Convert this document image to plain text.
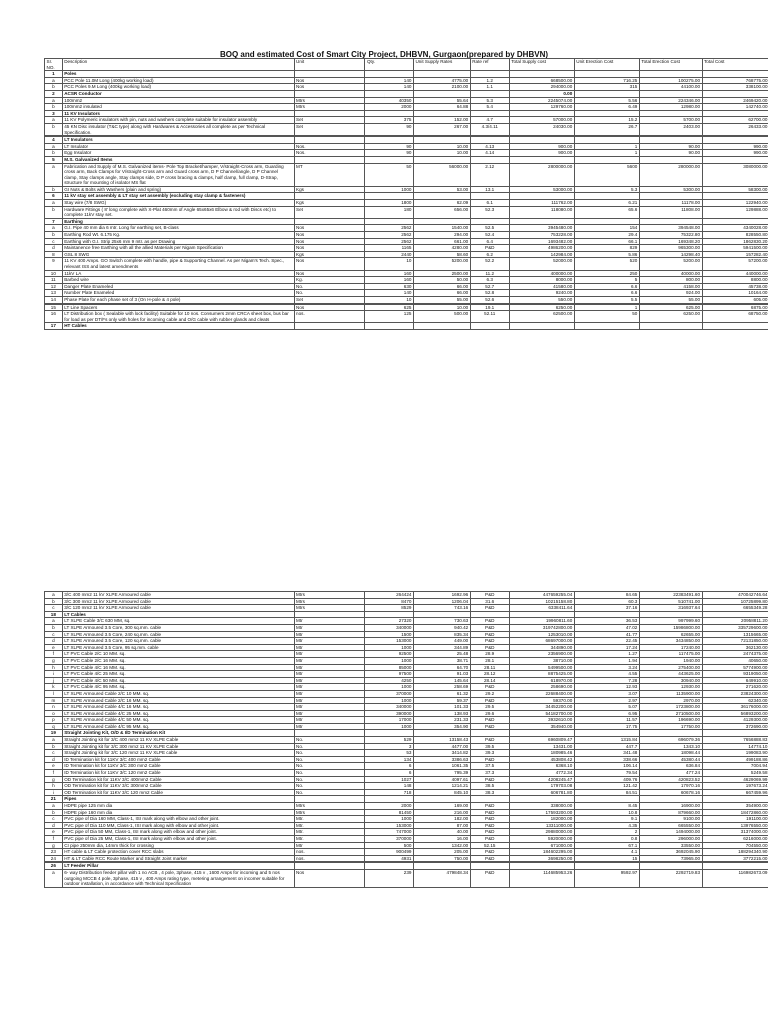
BOQ and estimated Cost of Smart City Project, DHBVN, Gurgaon(prepared by DHBVN)
Sr. NO.	Description	Unit	Qty.	Unit Supply Rates	Rate ref	Total Supply cost	Unit Erection Cost	Total Erection Cost	Total Cost
1	Poles								
a	PCC Pole 11.0M Long (400kg working load)	Nos	140	4775.00	1.2	668500.00	716.25	100275.00	768775.00
b	PCC Poles 9.M Long (400kg working load)	Nos	140	2100.00	1.1	294000.00	315	44100.00	338100.00
2	ACSR Conductor					0.00			
a	100mm2	Mtrs	40350	55.64	5.3	2245074.00	5.56	224346.00	2469420.00
b	100mm2 insulated	Mtrs	2000	64.88	5.4	129760.00	6.49	12980.00	142740.00
3	11 KV Insulators								
a	11 KV Polymeric insulators with pin, nuts and washers complete suitable for insulator assembly	Set	375	152.00	4.7	57000.00	15.2	5700.00	62700.00
b	45 KN Disc insulator (T&C type) along with Hardwares & Accessories all complete as per Technical Specification.	Set	90	267.00	4.3/4.11	24030.00	26.7	2403.00	26433.00

4	LT Insulators								
a	LT Insulator	Nos.	90	10.00	4.13	900.00	1	90.00	990.00
b	Egg Insulator	Nos.	90	10.00	4.14	900.00	1	90.00	990.00
5	M.S. Galvanized Items								
a	Fabrication and Supply of M.S. Galvanized items- Pole Top Bracket/hamper, V/straight-Cross arm, Guarding cross arm, Back Clamps for V/straight-Cross arm and Guard cross arm, D P Channel/angle, D P Channel clamp, Stay clamps angle, Stay clamps side, D P cross bracing & clamps, half clamp, full clamp, D-Strap, structure for mounting of isolator MS flat	MT	50	56000.00	2.12	2800000.00	5600	280000.00	3080000.00
b	GI Nuts & Bolts with Washers (plain and spring)	Kgs	1000	53.00	13.1	53000.00	5.3	5300.00	58300.00
6	11 kV stay set assembly & LT stay set assembly (excluding stay clamp & fasteners)								
a	Stay wire (7/8 SWG)	Kgs	1800	62.09	6.1	111762.00	6.21	11178.00	122940.00
b	Hardware Fittings ( 8' long complete with X-Plat 460mm of Angle 65x65x6 Elbow & rod with Discs etc) to complete 11kV stay set.	Set	180	656.00	52.3	118080.00	65.6	11808.00	129888.00
7	Earthing								
a	G.I. Pipe 40 mm dia 6 mtr. Long for earthing set, B-class	Nos	2562	1540.00	52.5	3945480.00	154	394548.00	4340028.00
b	Earthing Rod Wt. 6.175 Kg.	Nos	2562	294.00	52.4	753228.00	29.4	75322.80	828550.80
c	Earthing with G.I. Strip 25x6 mm 9 mtr. as per Drawing	Nos	2562	661.00	6.4	1693482.00	66.1	169348.20	1862830.20
d	Maintanence free Earthing with all the allied Materials per Nigam Specification	Nos	1165	4280.00	P&D	4986200.00	829	965300.00	5941500.00
8	GSL 8 SWG	Kgs	2440	58.60	6.2	142984.00	5.86	14298.40	157282.40
9	11 KV 400 Amps. GO Switch complete with handle, pipe & Supporting Channel. As per Nigam's Tech. Spec., relevant ISS and latest amendments	Nos	10	5200.00	52.2	52000.00	520	5200.00	57200.00
10	11kV LA	Nos	160	2500.00	11.2	400000.00	250	40000.00	440000.00
11	Barbed wire	Kg.	160	50.00	6.3	8000.00	5	800.00	8800.00
12	Danger Plate Enameled	No.	630	66.00	52.7	41580.00	6.6	4158.00	45738.00
13	Number Plate Enameled	No.	140	66.00	52.8	9240.00	6.6	924.00	10164.00
14	Phase Plate for each phase set of 3 (On H-pole & 4 pole)	Set	10	55.00	52.6	550.00	5.5	55.00	605.00

15	LT Line Spacers	Nos	625	10.00	19.1	6250.00	1	625.00	6875.00
16	LT Distribution box ( Sealable with lock facility) Suitable for 10 nos. Consumers 2mm CRCA sheet box, bus bar for load as per DT/Fs only with holes for incoming cable and O/G cable with rubber glands and cleats	nos.	125	500.00	52.11	62500.00	50	6250.00	68750.00
17	HT Cables								
a	3/C 400 mm2 11 kV XLPE Armoured cable	Mtrs	264424	1692.96	P&D	447659255.04	84.65	22383491.60	470042746.64
b	3/C 300 mm2 11 kV XLPE Armoured cable	Mtrs	8470	1206.04	31.6	10215158.80	60.3	510741.00	10725899.80
c	3/C 120 mm2 11 kV XLPE Armoured cable	Mtrs	8529	743.16	P&D	6338411.64	37.16	316937.64	6655349.28
18	LT Cables								
a	LT XLPE Cable 3/C 630 MM, sq.	Mtr	27320	730.63	P&D	19960811.60	36.53	997999.60	20958811.20
b	LT XLPE Armoured 3.5 Core, 300 sq.mm. cable	Mtr	340000	940.42	P&D	319742800.00	47.02	15986800.00	335729600.00
c	LT XLPE Armoured 3.5 Core, 240 sq.mm. cable	Mtr	1500	835.34	P&D	1253010.00	41.77	62655.00	1315665.00
d	LT XLPE Armoured 3.5 Core, 120 sq.mm. cable	Mtr	153000	449.00	P&D	68697000.00	22.45	3434850.00	72131850.00
e	LT XLPE Armoured 3.5 Core, 95 sq.mm. cable	Mtr	1000	344.89	P&D	344890.00	17.24	17240.00	362130.00
f	LT PVC Cable 2/C 10 MM. sq.	Mtr	92500	25.48	28.9	2356900.00	1.27	117475.00	2474375.00
g	LT PVC Cable 2/C 16 MM. sq.	Mtr	1000	38.71	28.1	38710.00	1.94	1940.00	40650.00
h	LT PVC Cable 4/C 16 MM. sq.	Mtr	85000	64.70	28.11	5499500.00	3.24	275400.00	5774900.00
i	LT PVC Cable 4/C 25 MM. sq.	Mtr	97500	91.03	28.12	8875425.00	4.55	443625.00	9319050.00
j	LT PVC Cable 4/C 50 MM. sq.	Mtr	4250	145.64	28.14	618970.00	7.28	30940.00	649910.00
k	LT PVC Cable 4/C 95 MM. sq.	Mtr	1000	258.69	P&D	258690.00	12.93	12930.00	271620.00
l	LT XLPE Armoured Cable 2/C 10 MM. sq.	Mtr	370000	61.32	29.2	22688400.00	3.07	1135900.00	23824300.00
m	LT XLPE Armoured Cable 2/C 16 MM. sq.	Mtr	1000	59.37	P&D	59370.00	2.97	2970.00	62340.00
n	LT XLPE Armoured Cable 4/C 16 MM. sq.	Mtr	340000	101.33	29.5	34452200.00	5.07	1723800.00	36176000.00
o	LT XLPE Armoured Cable 4/C 25 MM. sq.	Mtr	390000	138.93	29.6	54182700.00	6.95	2710500.00	56893200.00
p	LT XLPE Armoured Cable 4/C 50 MM. sq.	Mtr	17000	231.33	P&D	3932610.00	11.57	196690.00	4129300.00
q	LT XLPE Armoured Cable 4/C 95 MM. sq.	Mtr	1000	354.90	P&D	354940.00	17.75	17750.00	372690.00
19	Straight Jointing Kit, O/D & I/D Termination Kit								
a	Straight Jointing kit for 3/C 400 mm2 11 KV XLPE Cable	No.	529	13158.43	P&D	6960809.47	1315.84	696079.36	7656888.83
b	Straight Jointing kit for 3/C 300 mm2 11 KV XLPE Cable	No.	3	4477.00	39.5	13431.00	447.7	1343.10	14774.10
c	Straight Jointing kit for 3/C 120 mm2 11 KV XLPE cable	No.	53	3414.82	39.3	180985.46	341.48	18098.44	199083.90
d	ID Termination kit for 11KV 3/C 400 mm2 Cable	No.	134	3386.63	P&D	453808.42	338.66	45380.44	499188.86
e	ID Termination kit for 11KV 3/C 300 mm2 Cable	No.	6	1061.35	37.5	6368.10	106.14	636.84	7004.94
f	ID Termination kit for 11KV 3/C 120 mm2 Cable	No.	6	795.39	37.3	4772.34	79.54	477.24	5249.58
g	OD Termination kit for 11KV 3/C 400mm2 Cable	No.	1027	4097.61	P&D	4208245.47	409.76	420823.52	4629069.99
h	OD Termination kit for 11KV 3/C 300mm2 Cable	No.	148	1214.21	38.5	179703.08	121.42	17970.16	197673.24
i	OD Termination kit for 11KV 3/C 120 mm2 Cable	No.	718	845.10	38.3	606781.80	84.51	60678.16	667459.96
21	Pipes								
a	HDPE pipe 125 mm dia	Mtrs	2000	169.00	P&D	338000.00	8.45	16900.00	354900.00
b	HDPE pipe 160 mm dia	Mtrs	81450	216.00	P&D	17593200.00	10.8	879660.00	18472860.00
c	PVC pipe of Dia 160 MM, Class-1, ISI mark along with elbow and other joint.	Mtr.	1000	182.00	P&D	182000.00	9.1	9100.00	191100.00
d	PVC pipe of Dia 110 MM, Class-1, ISI mark along with elbow and other joint.	Mtr.	153000	87.00	P&D	13311000.00	4.35	665550.00	13976550.00
e	PVC pipe of Dia 50 MM, Class-1, ISI mark along with elbow and other joint.	Mtr.	747000	40.00	P&D	29880000.00	2	1494000.00	31374000.00
f	PVC pipe of Dia 25 MM, Class-1, ISI mark along with elbow and other joint.	Mtr.	370000	16.00	P&D	5920000.00	0.8	296000.00	6216000.00
g	CI pipe 250mm dia, 14mm thick for crossing	Mtr	500	1342.00	52.15	671000.00	67.1	33550.00	704550.00
23	HT cable & LT Cable protection cover RCC slabs	nos.	900499	205.00	P&D	184602295.00	4.1	3692045.90	188294340.90
24	HT & LT Cable RCC Route Marker and Straight Joint marker	nos.	4931	750.00	P&D	3698250.00	15	73965.00	3772215.00

26	LT Feeder Pillar								
a	6- way Distribution feeder pillar with 1 no ACB , 4 pole, 3phase, 415 v , 1600 Amps for incoming and 5 nos outgoing MCCB 4 pole, 3phase, 415 v , 400 Amps rating type, metering arrangement on incomer suitable for outdoor installation, in accordance with Technical Specification	Nos	239	479848.34	P&D	114685953.26	9592.97	2292719.83	116982673.09
